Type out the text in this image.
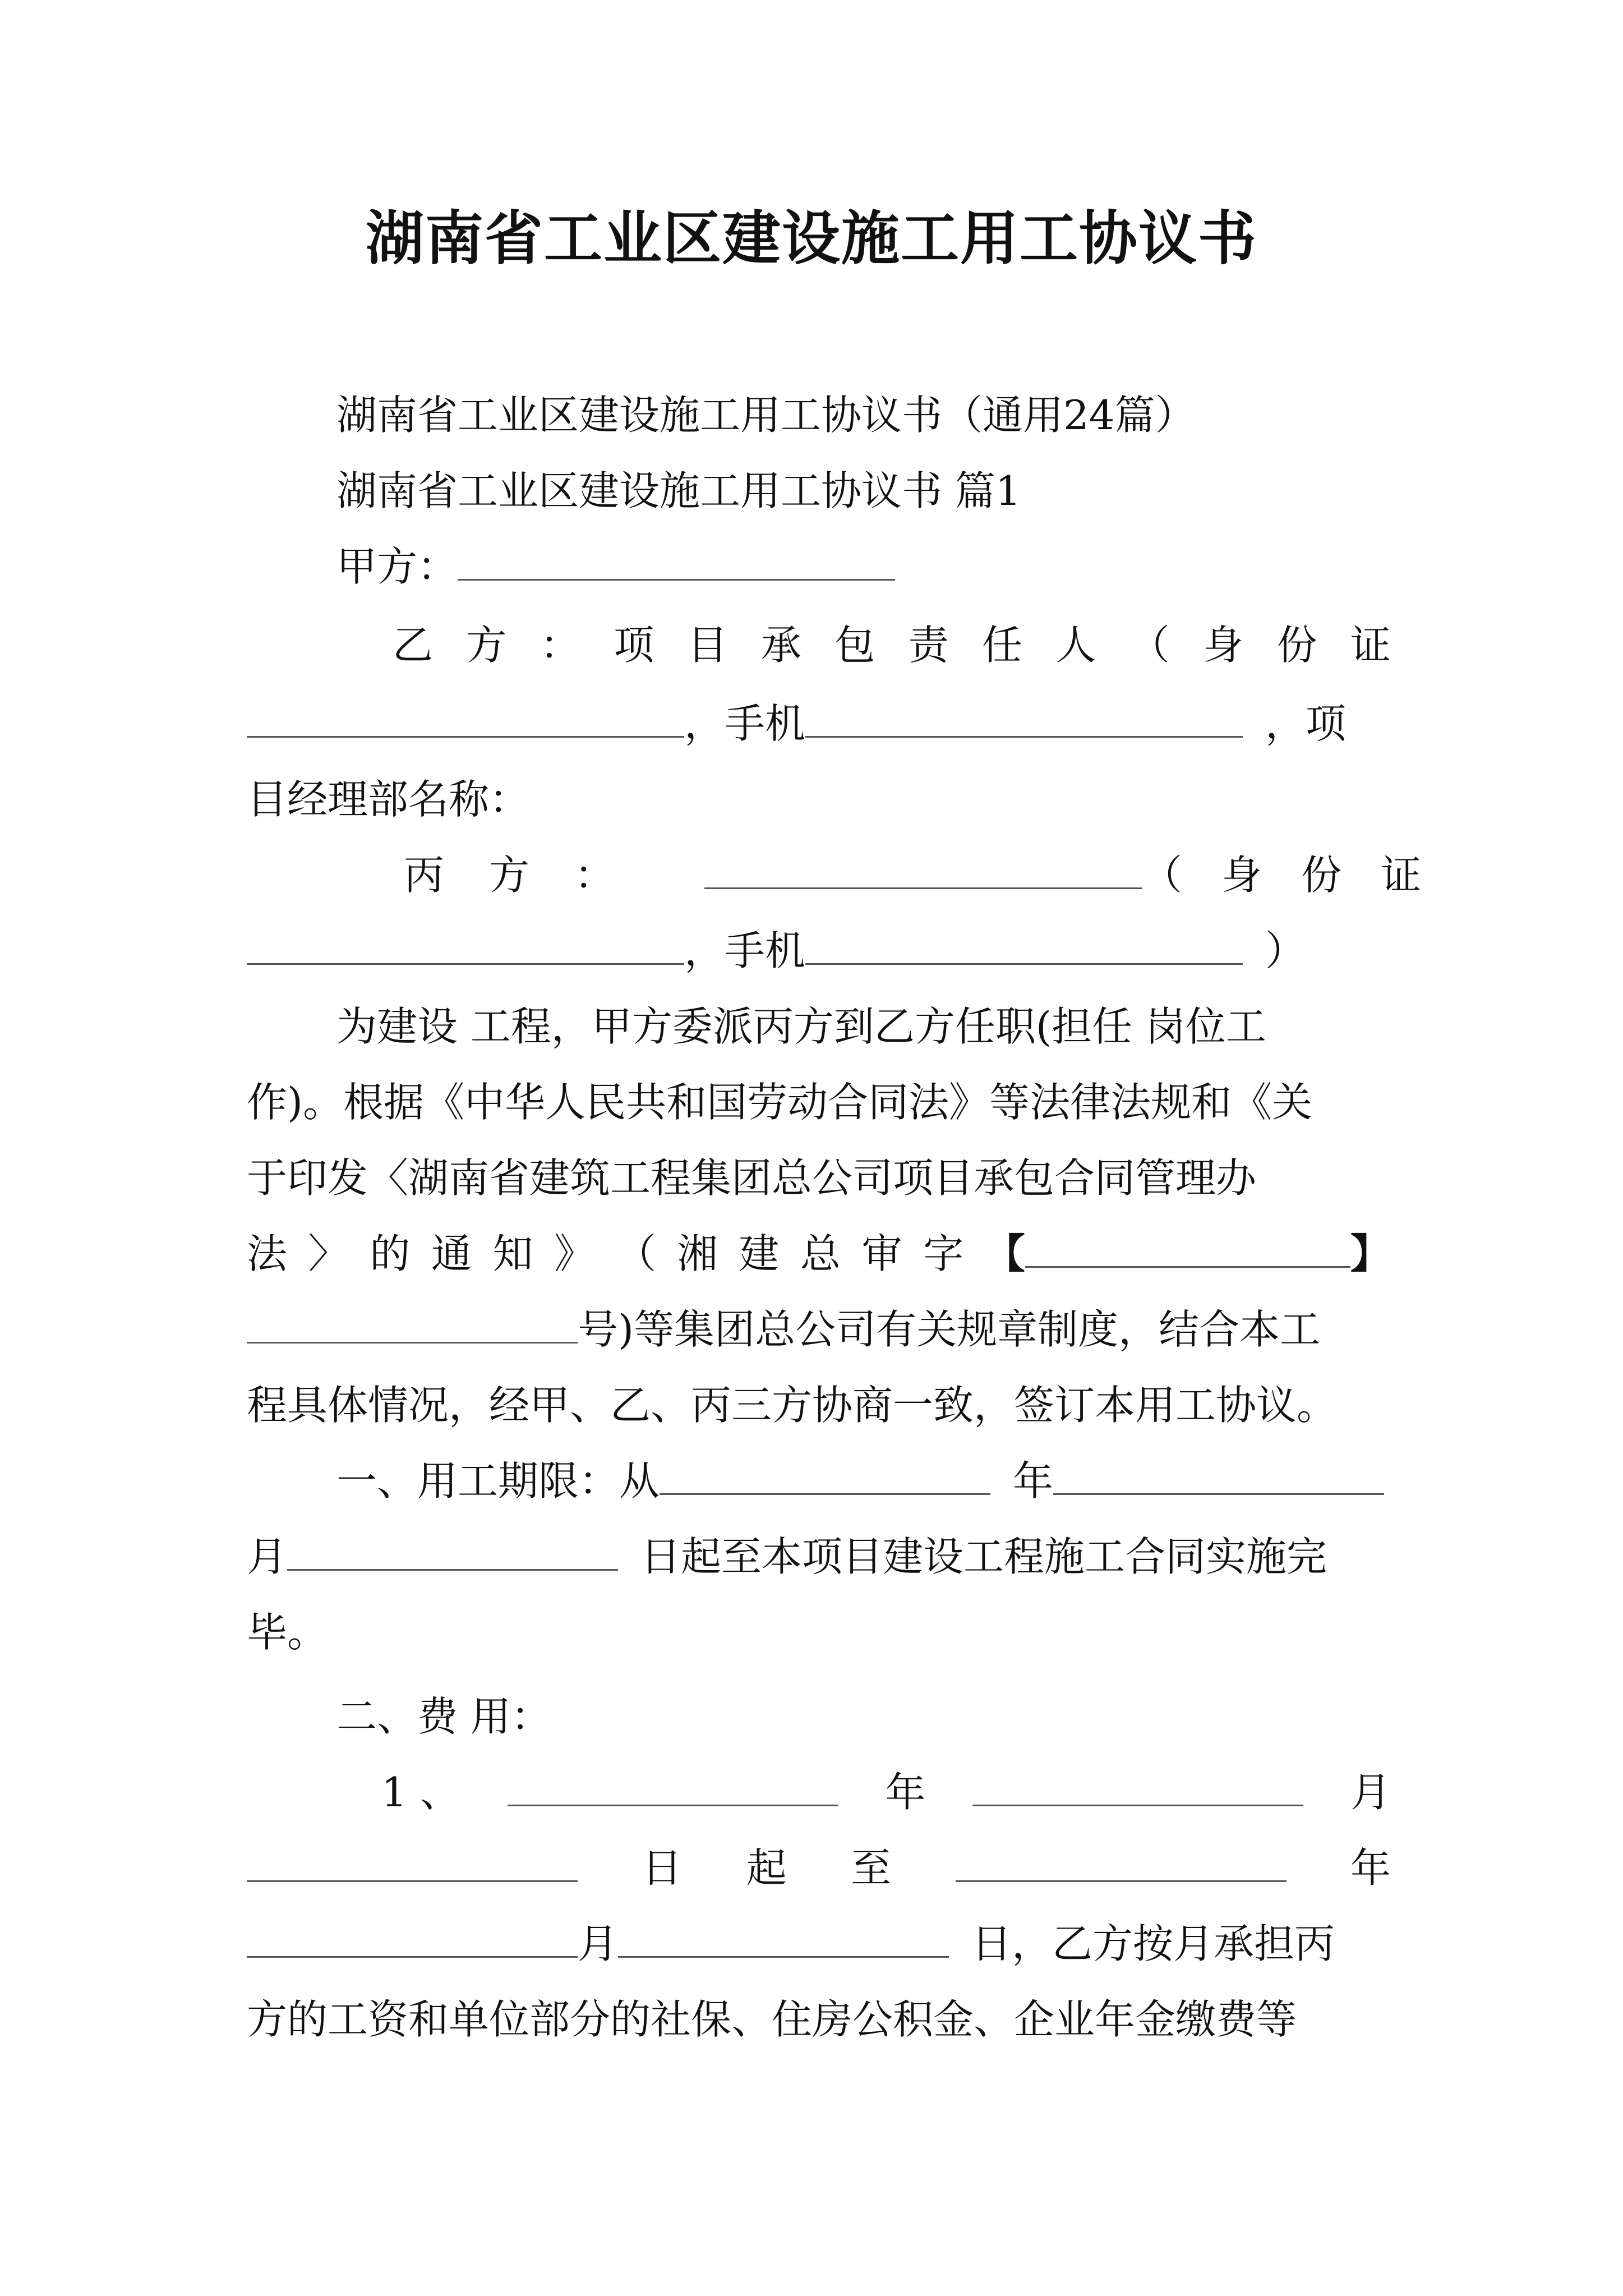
湖南省工业区建设施工用工协议书
湖南省工业区建设施工用工协议书（通用24篇）
湖南省工业区建设施工用工协议书 篇1
甲方：
乙 方 ： 项 目 承 包 责 任 人 （ 身 份 证
，手机	，项
目经理部名称：
丙 方 ：	（ 身 份 证
，手机	）
为建设 工程，甲方委派丙方到乙方任职(担任 岗位工
作)。根据《中华人民共和国劳动合同法》等法律法规和《关
于印发〈湖南省建筑工程集团总公司项目承包合同管理办
法 〉 的 通 知 》 （ 湘 建 总 审 字 【	】
号)等集团总公司有关规章制度，结合本工
程具体情况，经甲、乙、丙三方协商一致，签订本用工协议。
一、用工期限：从	年
月	日起至本项目建设工程施工合同实施完
毕。
二、费 用：
1 、	年	月
日 起 至	年
月	日，乙方按月承担丙
方的工资和单位部分的社保、住房公积金、企业年金缴费等
